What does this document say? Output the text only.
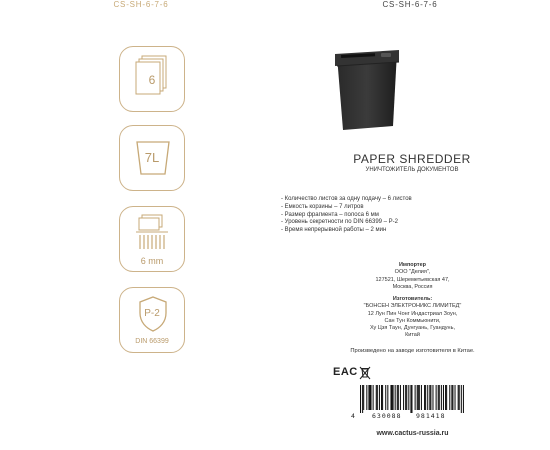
CS-SH-6-7-6
6
7L
6 mm
P-2
DIN 66399
CS-SH-6-7-6
PAPER SHREDDER
УНИЧТОЖИТЕЛЬ ДОКУМЕНТОВ
- Количество листов за одну подачу – 6 листов
- Емкость корзины – 7 литров
- Размер фрагмента – полоса 6 мм
- Уровень секретности по DIN 66399 – P-2
- Время непрерывной работы – 2 мин
Импортер
ООО "Делия",
127521, Шереметьевская 47,
Москва, Россия
Изготовитель:
"БОНСЕН ЭЛЕКТРОНИКС ЛИМИТЕД"
12 Лун Пин Чонг Индастриал Зоун,
Сан Тун Коммьюнити,
Ху Цзя Таун, Дунгуань, Гуандунь,
Китай
Произведено на заводе изготовителя в Китае.
EAC
4	630088 981418
www.cactus-russia.ru
